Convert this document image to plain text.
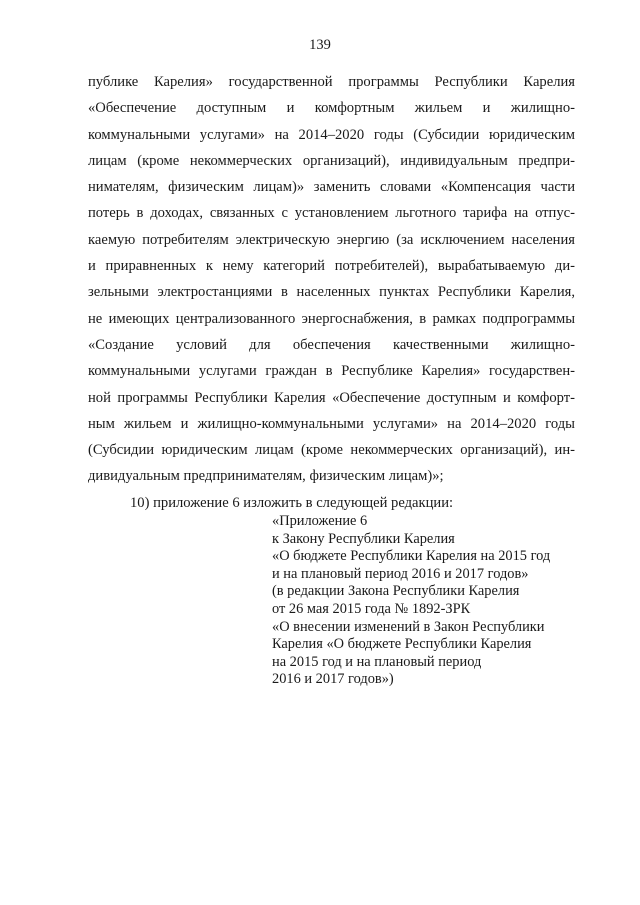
139
публике Карелия» государственной программы Республики Карелия
«Обеспечение доступным и комфортным жильем и жилищно-
коммунальными услугами» на 2014–2020 годы (Субсидии юридическим
лицам (кроме некоммерческих организаций), индивидуальным предпри-
нимателям, физическим лицам)» заменить словами «Компенсация части
потерь в доходах, связанных с установлением льготного тарифа на отпус-
каемую потребителям электрическую энергию (за исключением населения
и приравненных к нему категорий потребителей), вырабатываемую ди-
зельными электростанциями в населенных пунктах Республики Карелия,
не имеющих централизованного энергоснабжения, в рамках подпрограммы
«Создание условий для обеспечения качественными жилищно-
коммунальными услугами граждан в Республике Карелия» государствен-
ной программы Республики Карелия «Обеспечение доступным и комфорт-
ным жильем и жилищно-коммунальными услугами» на 2014–2020 годы
(Субсидии юридическим лицам (кроме некоммерческих организаций), ин-
дивидуальным предпринимателям, физическим лицам)»;
10) приложение 6 изложить в следующей редакции:
«Приложение 6
к Закону Республики Карелия
«О бюджете Республики Карелия на 2015 год
и на плановый период 2016 и 2017 годов»
(в редакции Закона Республики Карелия
от 26 мая 2015 года № 1892-ЗРК
«О внесении изменений в Закон Республики
Карелия «О бюджете Республики Карелия
на 2015 год и на плановый период
2016 и 2017 годов»)
